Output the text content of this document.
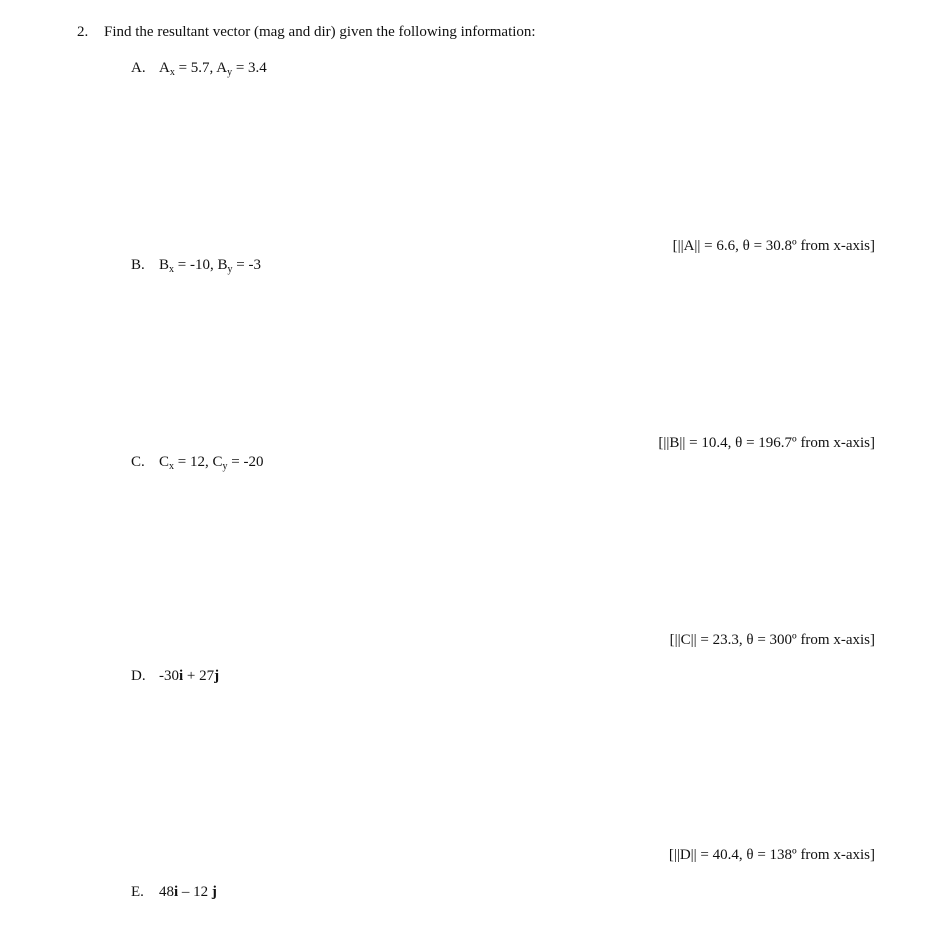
2. Find the resultant vector (mag and dir) given the following information:
A. $A_x = 5.7$, $A_y = 3.4$
[||A|| = 6.6, θ = 30.8º from x-axis]
B. $B_x = -10$, $B_y = -3$
[||B|| = 10.4, θ = 196.7º from x-axis]
C. $C_x = 12$, $C_y = -20$
[||C|| = 23.3, θ = 300º from x-axis]
D. -30i + 27j
[||D|| = 40.4, θ = 138º from x-axis]
E. 48i – 12 j
